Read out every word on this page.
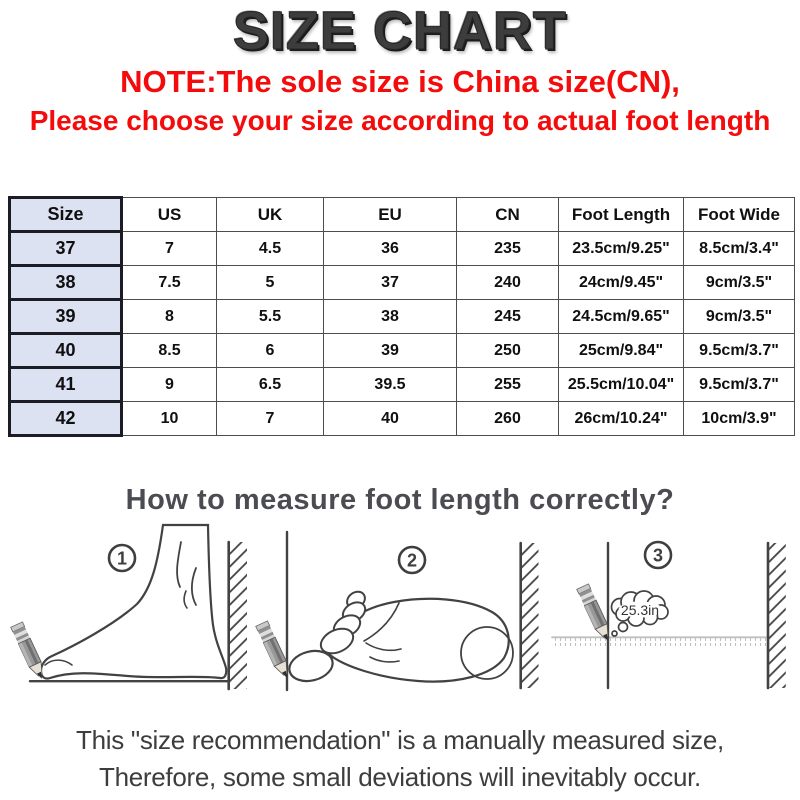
SIZE CHART
NOTE:The sole size is China size(CN),
Please choose your size according to actual foot length
Size	US	UK	EU	CN	Foot Length	Foot Wide
37	7	4.5	36	235	23.5cm/9.25"	8.5cm/3.4"
38	7.5	5	37	240	24cm/9.45"	9cm/3.5"
39	8	5.5	38	245	24.5cm/9.65"	9cm/3.5"
40	8.5	6	39	250	25cm/9.84"	9.5cm/3.7"
41	9	6.5	39.5	255	25.5cm/10.04"	9.5cm/3.7"
42	10	7	40	260	26cm/10.24"	10cm/3.9"
How to measure foot length correctly?
1	2	3
25.3in
This "size recommendation" is a manually measured size,
Therefore, some small deviations will inevitably occur.
